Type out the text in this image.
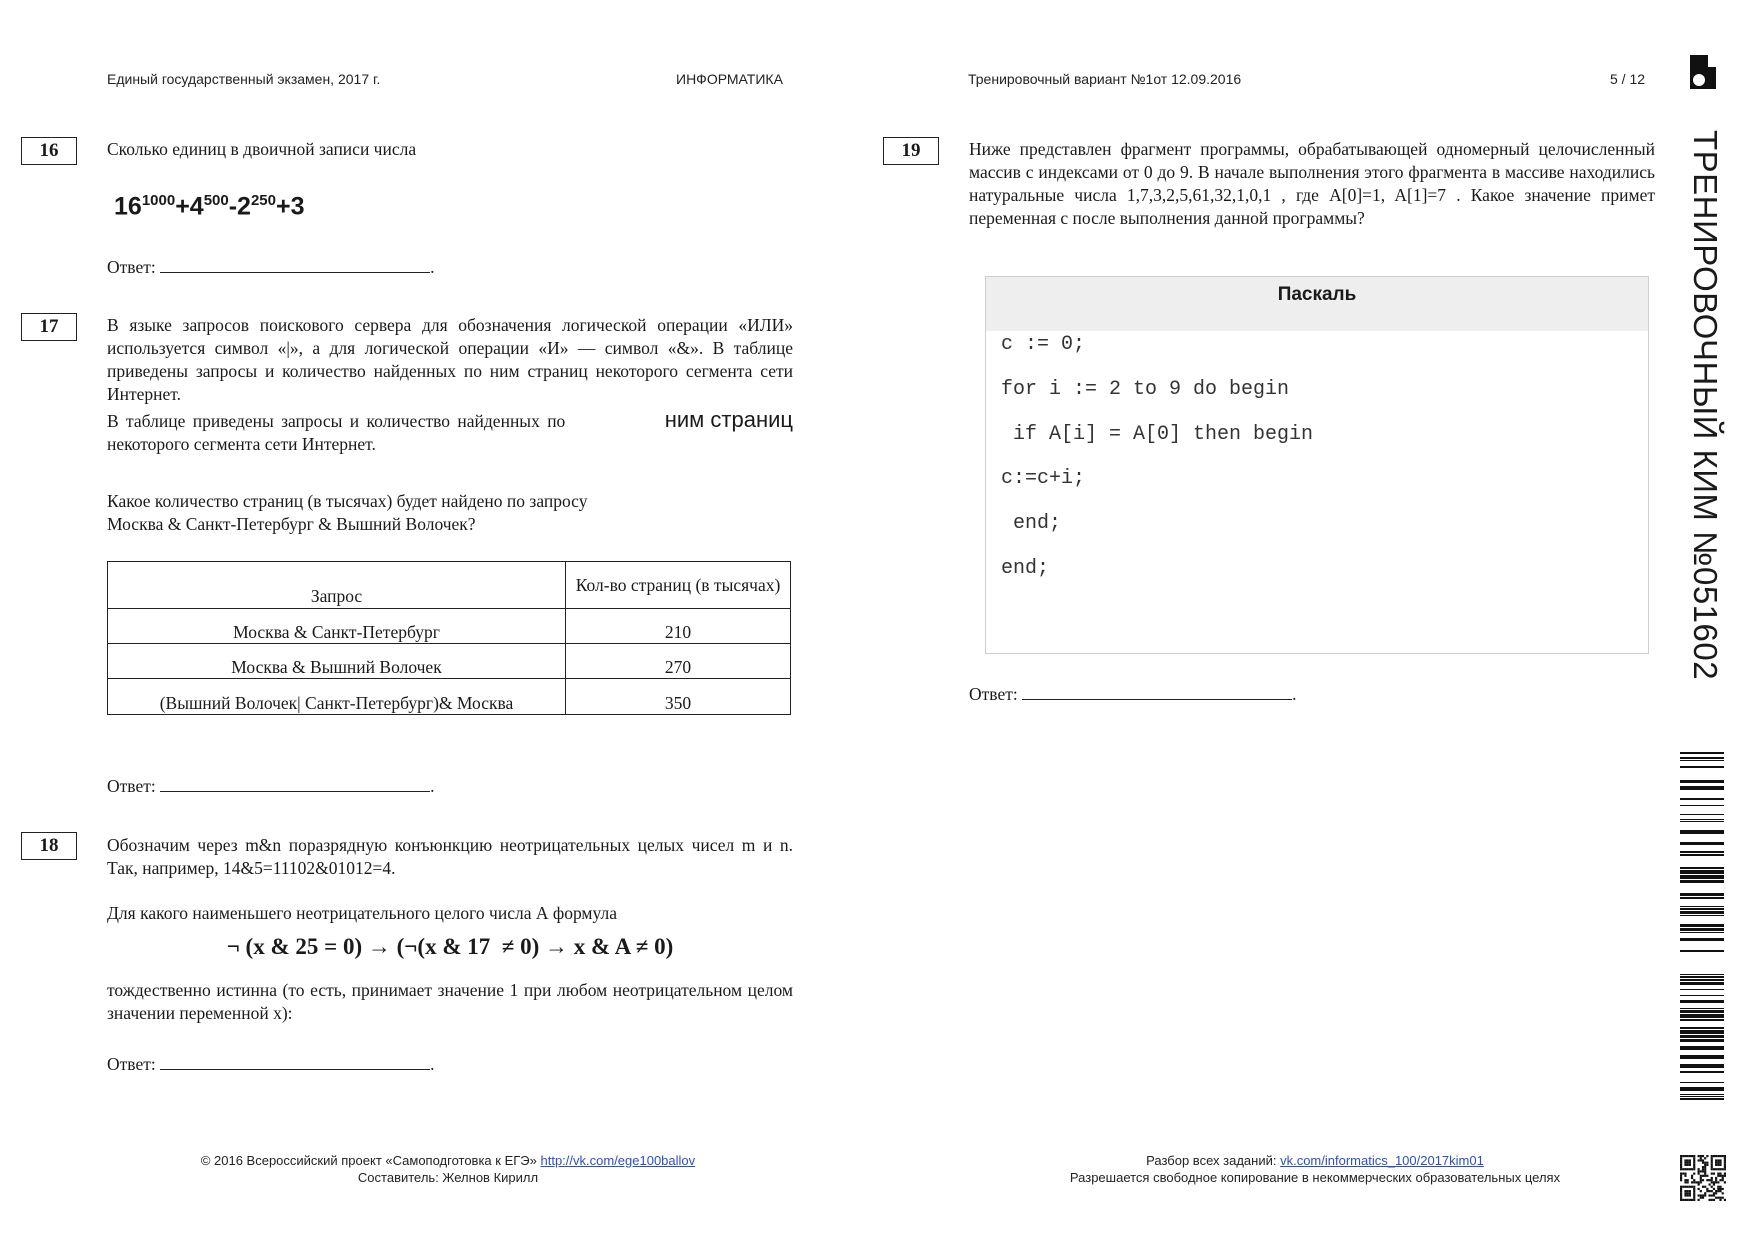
Единый государственный экзамен, 2017 г.	ИНФОРМАТИКА	Тренировочный вариант №1от 12.09.2016	5 / 12
ТРЕНИРОВОЧНЫЙ КИМ №051602
16	Сколько единиц в двоичной записи числа
$16^{1000}+4^{500}-2^{250}+3$
Ответ:	.
17	В языке запросов поискового сервера для обозначения логической операции «ИЛИ» используется символ «|», а для логической операции «И» — символ «&». В таблице приведены запросы и количество найденных по ним страниц некоторого сегмента сети Интернет.
В таблице приведены запросы и количество найденных по	ним страниц
некоторого сегмента сети Интернет.
Какое количество страниц (в тысячах) будет найдено по запросу
Москва & Санкт-Петербург & Вышний Волочек?
Запрос	Кол-во страниц (в тысячах)
Москва & Санкт-Петербург	210
Москва & Вышний Волочек	270
(Вышний Волочек| Санкт-Петербург)& Москва	350
Ответ:	.
18	Обозначим через m&n поразрядную конъюнкцию неотрицательных целых чисел m и n. Так, например, 14&5=11102&01012=4.
Для какого наименьшего неотрицательного целого числа А формула
¬ (x & 25 = 0) → (¬(x & 17  ≠ 0) → x & A ≠ 0)
тождественно истинна (то есть, принимает значение 1 при любом неотрицательном целом значении переменной х):
Ответ:	.
19	Ниже представлен фрагмент программы, обрабатывающей одномерный целочисленный массив с индексами от 0 до 9. В начале выполнения этого фрагмента в массиве находились натуральные числа 1,7,3,2,5,61,32,1,0,1 , где A[0]=1, A[1]=7 . Какое значение примет переменная с после выполнения данной программы?
Паскаль
c := 0;
for i := 2 to 9 do begin
if A[i] = A[0] then begin
c:=c+i;
end;
end;
Ответ:	.
© 2016 Всероссийский проект «Самоподготовка к ЕГЭ» http://vk.com/ege100ballov
Составитель: Желнов Кирилл
Разбор всех заданий: vk.com/informatics_100/2017kim01
Разрешается свободное копирование в некоммерческих образовательных целях
